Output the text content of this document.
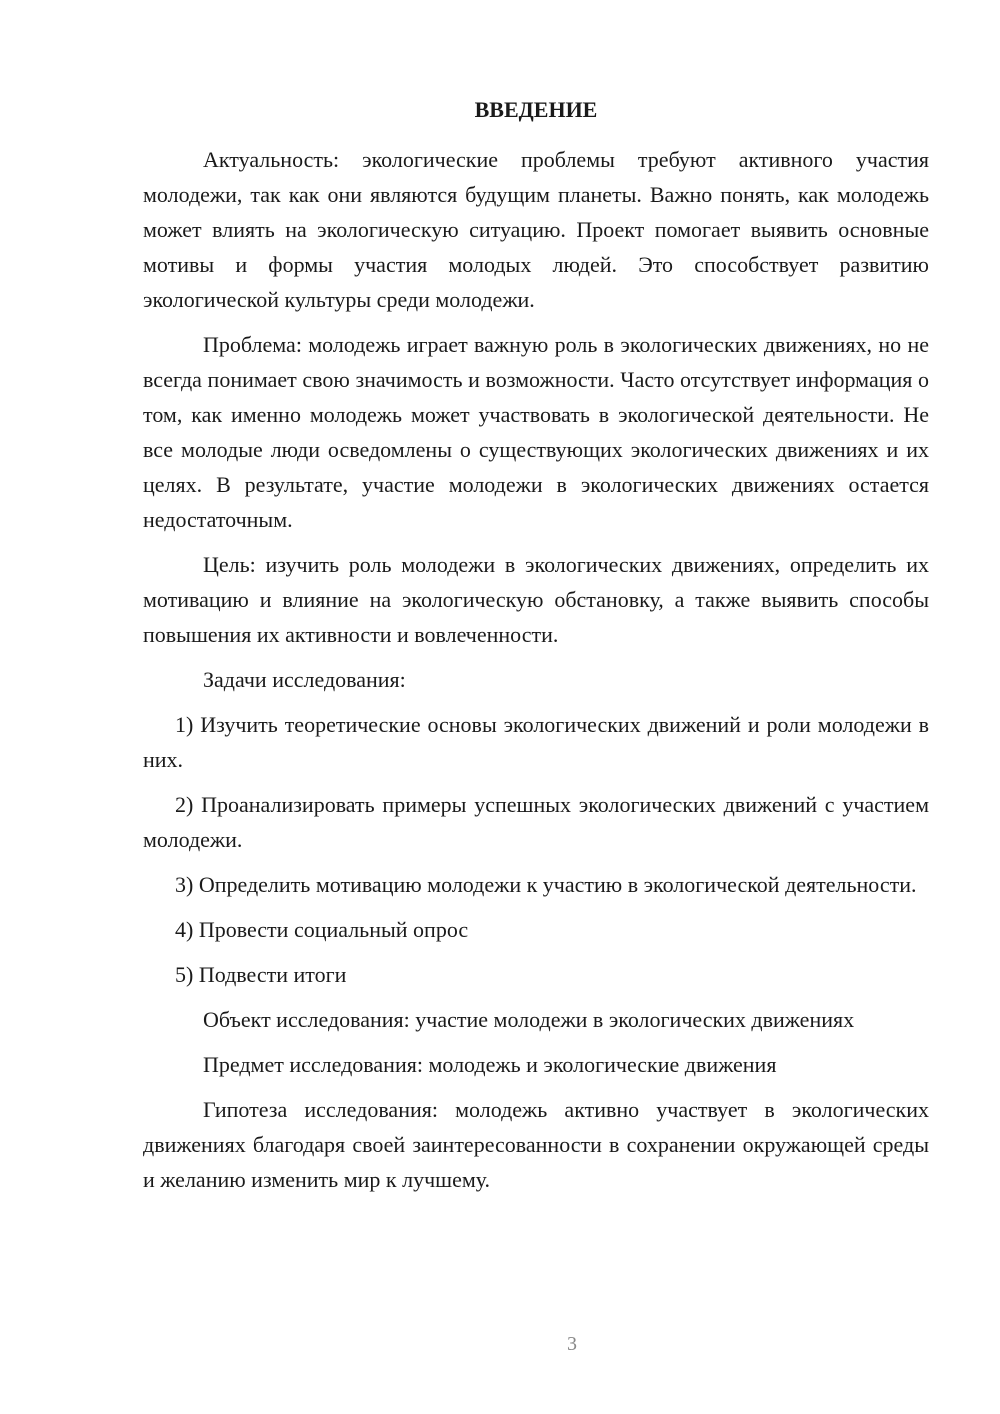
ВВЕДЕНИЕ

Актуальность: экологические проблемы требуют активного участия молодежи, так как они являются будущим планеты. Важно понять, как молодежь может влиять на экологическую ситуацию. Проект помогает выявить основные мотивы и формы участия молодых людей. Это способствует развитию экологической культуры среди молодежи.

Проблема: молодежь играет важную роль в экологических движениях, но не всегда понимает свою значимость и возможности. Часто отсутствует информация о том, как именно молодежь может участвовать в экологической деятельности. Не все молодые люди осведомлены о существующих экологических движениях и их целях. В результате, участие молодежи в экологических движениях остается недостаточным.

Цель: изучить роль молодежи в экологических движениях, определить их мотивацию и влияние на экологическую обстановку, а также выявить способы повышения их активности и вовлеченности.

Задачи исследования:

1) Изучить теоретические основы экологических движений и роли молодежи в них.

2) Проанализировать примеры успешных экологических движений с участием молодежи.

3) Определить мотивацию молодежи к участию в экологической деятельности.

4) Провести социальный опрос

5) Подвести итоги

Объект исследования: участие молодежи в экологических движениях

Предмет исследования: молодежь и экологические движения

Гипотеза исследования: молодежь активно участвует в экологических движениях благодаря своей заинтересованности в сохранении окружающей среды и желанию изменить мир к лучшему.

3
